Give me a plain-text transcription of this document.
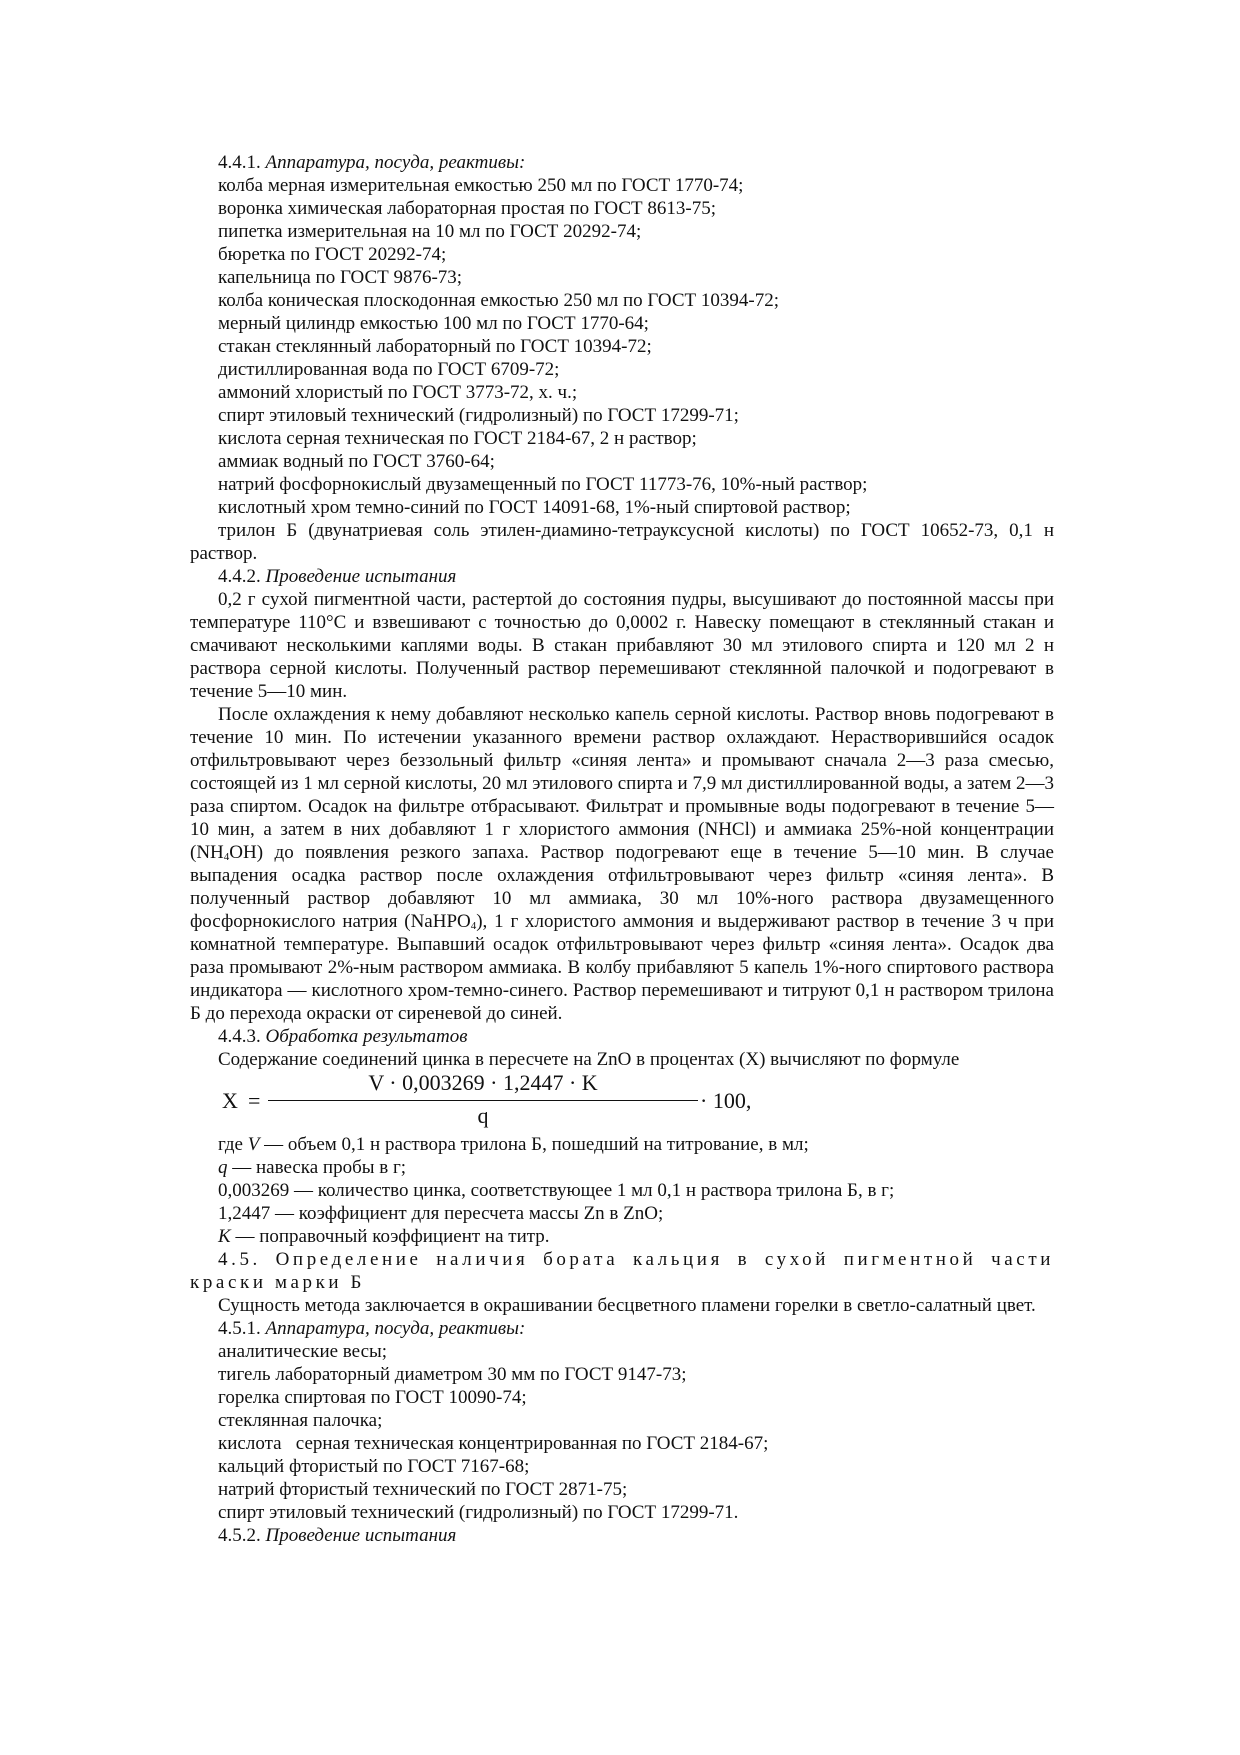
4.4.1. Аппаратура, посуда, реактивы:

колба мерная измерительная емкостью 250 мл по ГОСТ 1770-74;

воронка химическая лабораторная простая по ГОСТ 8613-75;

пипетка измерительная на 10 мл по ГОСТ 20292-74;

бюретка по ГОСТ 20292-74;

капельница по ГОСТ 9876-73;

колба коническая плоскодонная емкостью 250 мл по ГОСТ 10394-72;

мерный цилиндр емкостью 100 мл по ГОСТ 1770-64;

стакан стеклянный лабораторный по ГОСТ 10394-72;

дистиллированная вода по ГОСТ 6709-72;

аммоний хлористый по ГОСТ 3773-72, х. ч.;

спирт этиловый технический (гидролизный) по ГОСТ 17299-71;

кислота серная техническая по ГОСТ 2184-67, 2 н раствор;

аммиак водный по ГОСТ 3760-64;

натрий фосфорнокислый двузамещенный по ГОСТ 11773-76, 10%-ный раствор;

кислотный хром темно-синий по ГОСТ 14091-68, 1%-ный спиртовой раствор;

трилон Б (двунатриевая соль этилен-диамино-тетрауксусной кислоты) по ГОСТ 10652-73, 0,1 н раствор.

4.4.2. Проведение испытания

0,2 г сухой пигментной части, растертой до состояния пудры, высушивают до постоянной массы при температуре 110°С и взвешивают с точностью до 0,0002 г. Навеску помещают в стеклянный стакан и смачивают несколькими каплями воды. В стакан прибавляют 30 мл этилового спирта и 120 мл 2 н раствора серной кислоты. Полученный раствор перемешивают стеклянной палочкой и подогревают в течение 5—10 мин.

После охлаждения к нему добавляют несколько капель серной кислоты. Раствор вновь подогревают в течение 10 мин. По истечении указанного времени раствор охлаждают. Нерастворившийся осадок отфильтровывают через беззольный фильтр «синяя лента» и промывают сначала 2—3 раза смесью, состоящей из 1 мл серной кислоты, 20 мл этилового спирта и 7,9 мл дистиллированной воды, а затем 2—3 раза спиртом. Осадок на фильтре отбрасывают. Фильтрат и промывные воды подогревают в течение 5—10 мин, а затем в них добавляют 1 г хлористого аммония (NHCl) и аммиака 25%-ной концентрации $(NH_4OH)$ до появления резкого запаха. Раствор подогревают еще в течение 5—10 мин. В случае выпадения осадка раствор после охлаждения отфильтровывают через фильтр «синяя лента». В полученный раствор добавляют 10 мл аммиака, 30 мл 10%-ного раствора двузамещенного фосфорнокислого натрия (NaHPO$_4$), 1 г хлористого аммония и выдерживают раствор в течение 3 ч при комнатной температуре. Выпавший осадок отфильтровывают через фильтр «синяя лента». Осадок два раза промывают 2%-ным раствором аммиака. В колбу прибавляют 5 капель 1%-ного спиртового раствора индикатора — кислотного хром-темно-синего. Раствор перемешивают и титруют 0,1 н раствором трилона Б до перехода окраски от сиреневой до синей.

4.4.3. Обработка результатов

Содержание соединений цинка в пересчете на ZnO в процентах (X) вычисляют по формуле

X =
V · 0,003269 · 1,2447 · K
q
· 100,

где V — объем 0,1 н раствора трилона Б, пошедший на титрование, в мл;

q — навеска пробы в г;

0,003269 — количество цинка, соответствующее 1 мл 0,1 н раствора трилона Б, в г;

1,2447 — коэффициент для пересчета массы Zn в ZnO;

K — поправочный коэффициент на титр.

4.5. Определение наличия бората кальция в сухой пигментной части краски марки Б

Сущность метода заключается в окрашивании бесцветного пламени горелки в светло-салатный цвет.

4.5.1. Аппаратура, посуда, реактивы:

аналитические весы;

тигель лабораторный диаметром 30 мм по ГОСТ 9147-73;

горелка спиртовая по ГОСТ 10090-74;

стеклянная палочка;

кислота   серная техническая концентрированная по ГОСТ 2184-67;

кальций фтористый по ГОСТ 7167-68;

натрий фтористый технический по ГОСТ 2871-75;

спирт этиловый технический (гидролизный) по ГОСТ 17299-71.

4.5.2. Проведение испытания
